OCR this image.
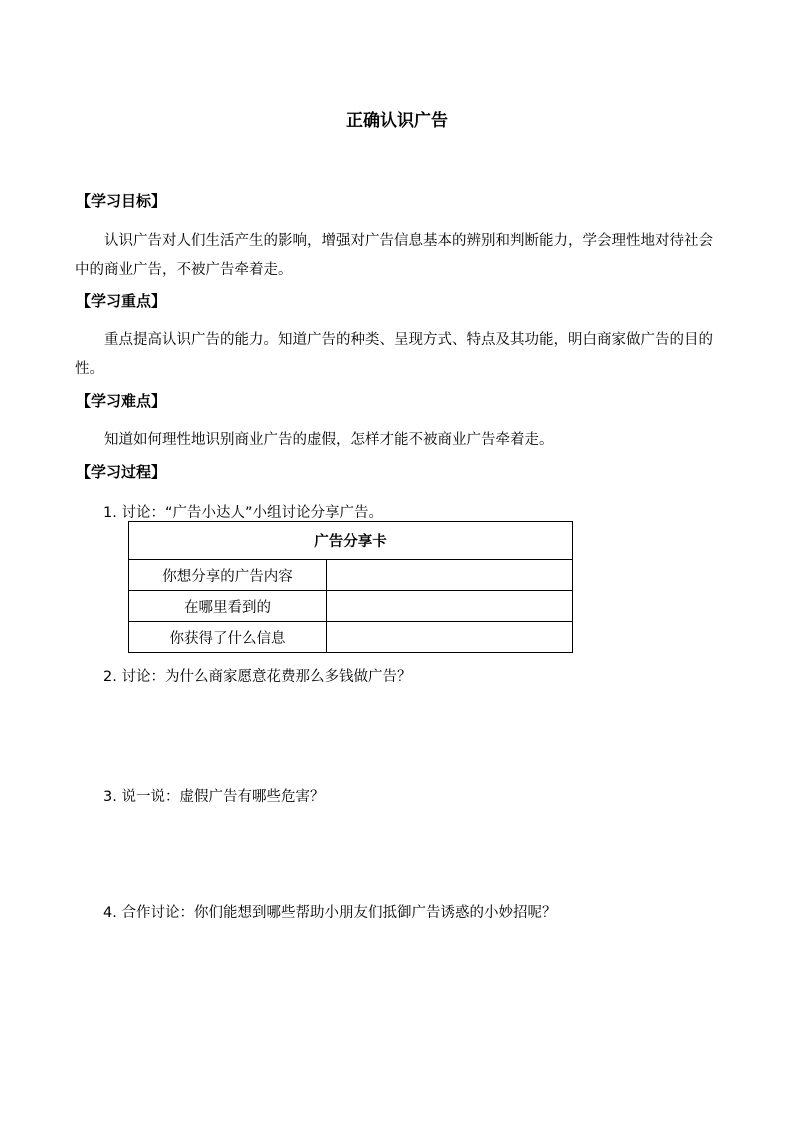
正确认识广告
【学习目标】
认识广告对人们生活产生的影响，增强对广告信息基本的辨别和判断能力，学会理性地对待社会中的商业广告，不被广告牵着走。
【学习重点】
重点提高认识广告的能力。知道广告的种类、呈现方式、特点及其功能，明白商家做广告的目的性。
【学习难点】
知道如何理性地识别商业广告的虚假，怎样才能不被商业广告牵着走。
【学习过程】
1. 讨论：“广告小达人”小组讨论分享广告。
广告分享卡	
你想分享的广告内容	
在哪里看到的	
你获得了什么信息	
2. 讨论：为什么商家愿意花费那么多钱做广告？
3. 说一说：虚假广告有哪些危害？
4. 合作讨论：你们能想到哪些帮助小朋友们抵御广告诱惑的小妙招呢？
